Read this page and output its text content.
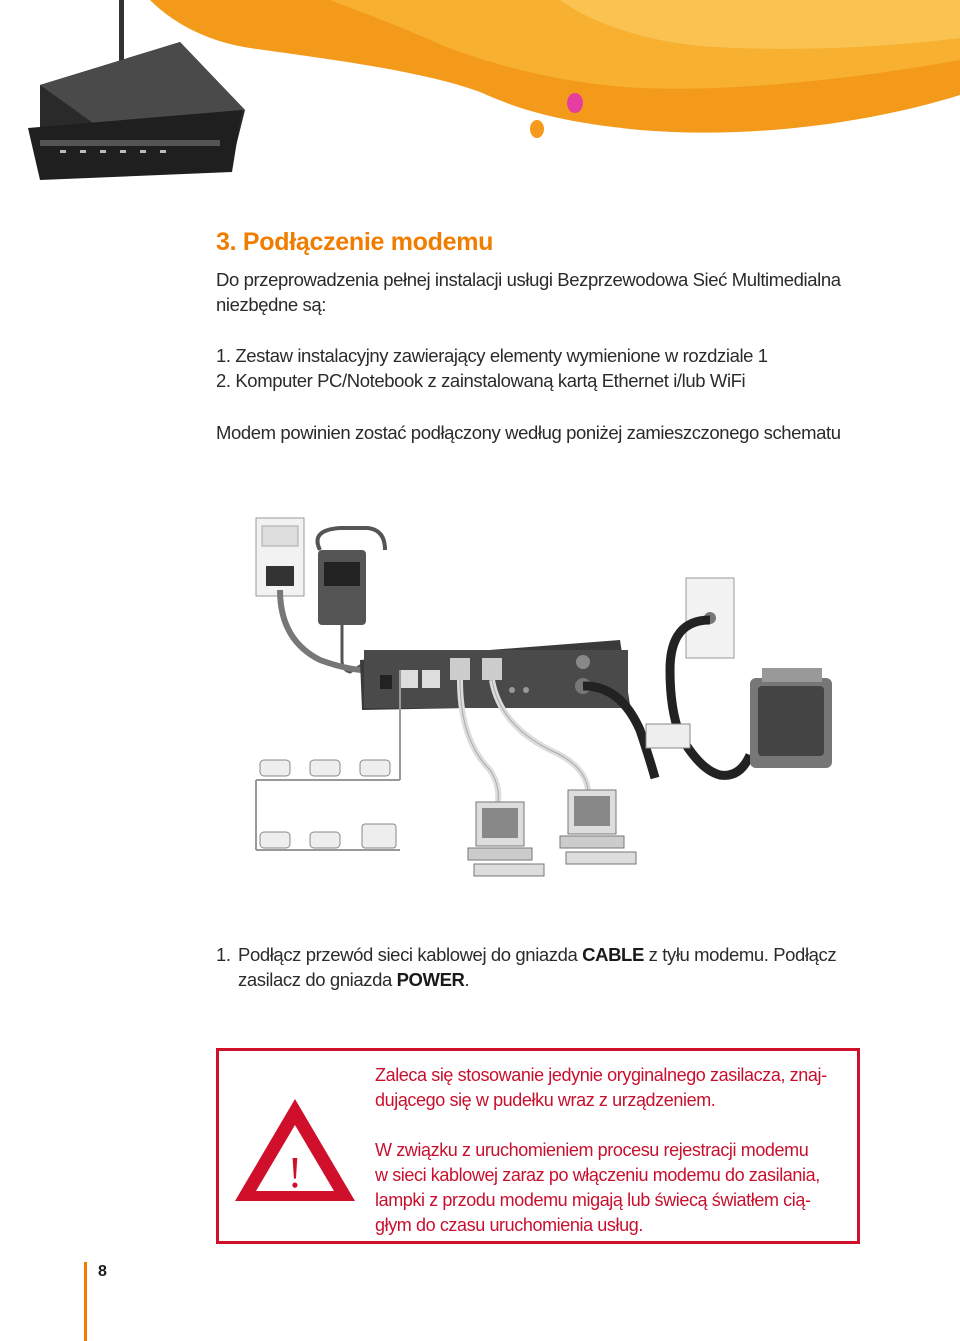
3. Podłączenie modemu

Do przeprowadzenia pełnej instalacji usługi Bezprzewodowa Sieć Multimedialna

niezbędne są:

1. Zestaw instalacyjny zawierający elementy wymienione w rozdziale 1

2. Komputer PC/Notebook z zainstalowaną kartą Ethernet i/lub WiFi

Modem powinien zostać podłączony według poniżej zamieszczonego schematu

1. Podłącz przewód sieci kablowej do gniazda CABLE z tyłu modemu. Podłącz
zasilacz do gniazda POWER.
!

Zaleca się stosowanie jedynie oryginalnego zasilacza, znaj-

dującego się w pudełku wraz z urządzeniem.

W związku z uruchomieniem procesu rejestracji modemu

w sieci kablowej zaraz po włączeniu modemu do zasilania,

lampki z przodu modemu migają lub świecą światłem cią-

głym do czasu uruchomienia usług.

8
